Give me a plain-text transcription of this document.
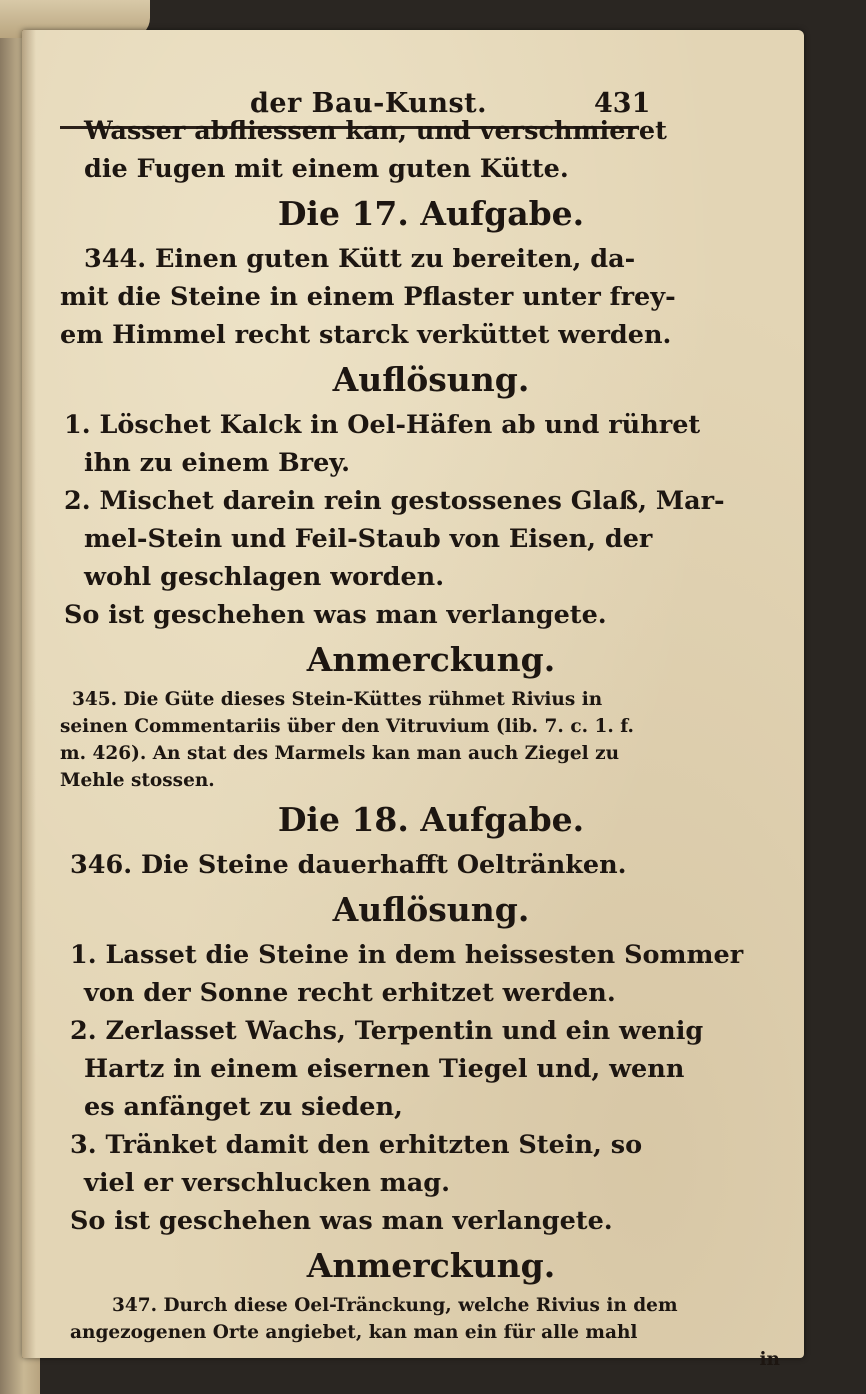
der Bau-Kunst.	431
Wasser abfliessen kan, und verschmieret
die Fugen mit einem guten Kütte.
Die 17. Aufgabe.
344. Einen guten Kütt zu bereiten, da-
mit die Steine in einem Pflaster unter frey-
em Himmel recht starck verküttet werden.
Auflösung.
1. Löschet Kalck in Oel-Häfen ab und rühret
ihn zu einem Brey.
2. Mischet darein rein gestossenes Glaß, Mar-
mel-Stein und Feil-Staub von Eisen, der
wohl geschlagen worden.
So ist geschehen was man verlangete.
Anmerckung.
345. Die Güte dieses Stein-Küttes rühmet Rivius in
seinen Commentariis über den Vitruvium (lib. 7. c. 1. f.
m. 426). An stat des Marmels kan man auch Ziegel zu
Mehle stossen.
Die 18. Aufgabe.
346. Die Steine dauerhafft Oeltränken.
Auflösung.
1. Lasset die Steine in dem heissesten Sommer
von der Sonne recht erhitzet werden.
2. Zerlasset Wachs, Terpentin und ein wenig
Hartz in einem eisernen Tiegel und, wenn
es anfänget zu sieden,
3. Tränket damit den erhitzten Stein, so
viel er verschlucken mag.
So ist geschehen was man verlangete.
Anmerckung.
347. Durch diese Oel-Tränckung, welche Rivius in dem
angezogenen Orte angiebet, kan man ein für alle mahl
in
